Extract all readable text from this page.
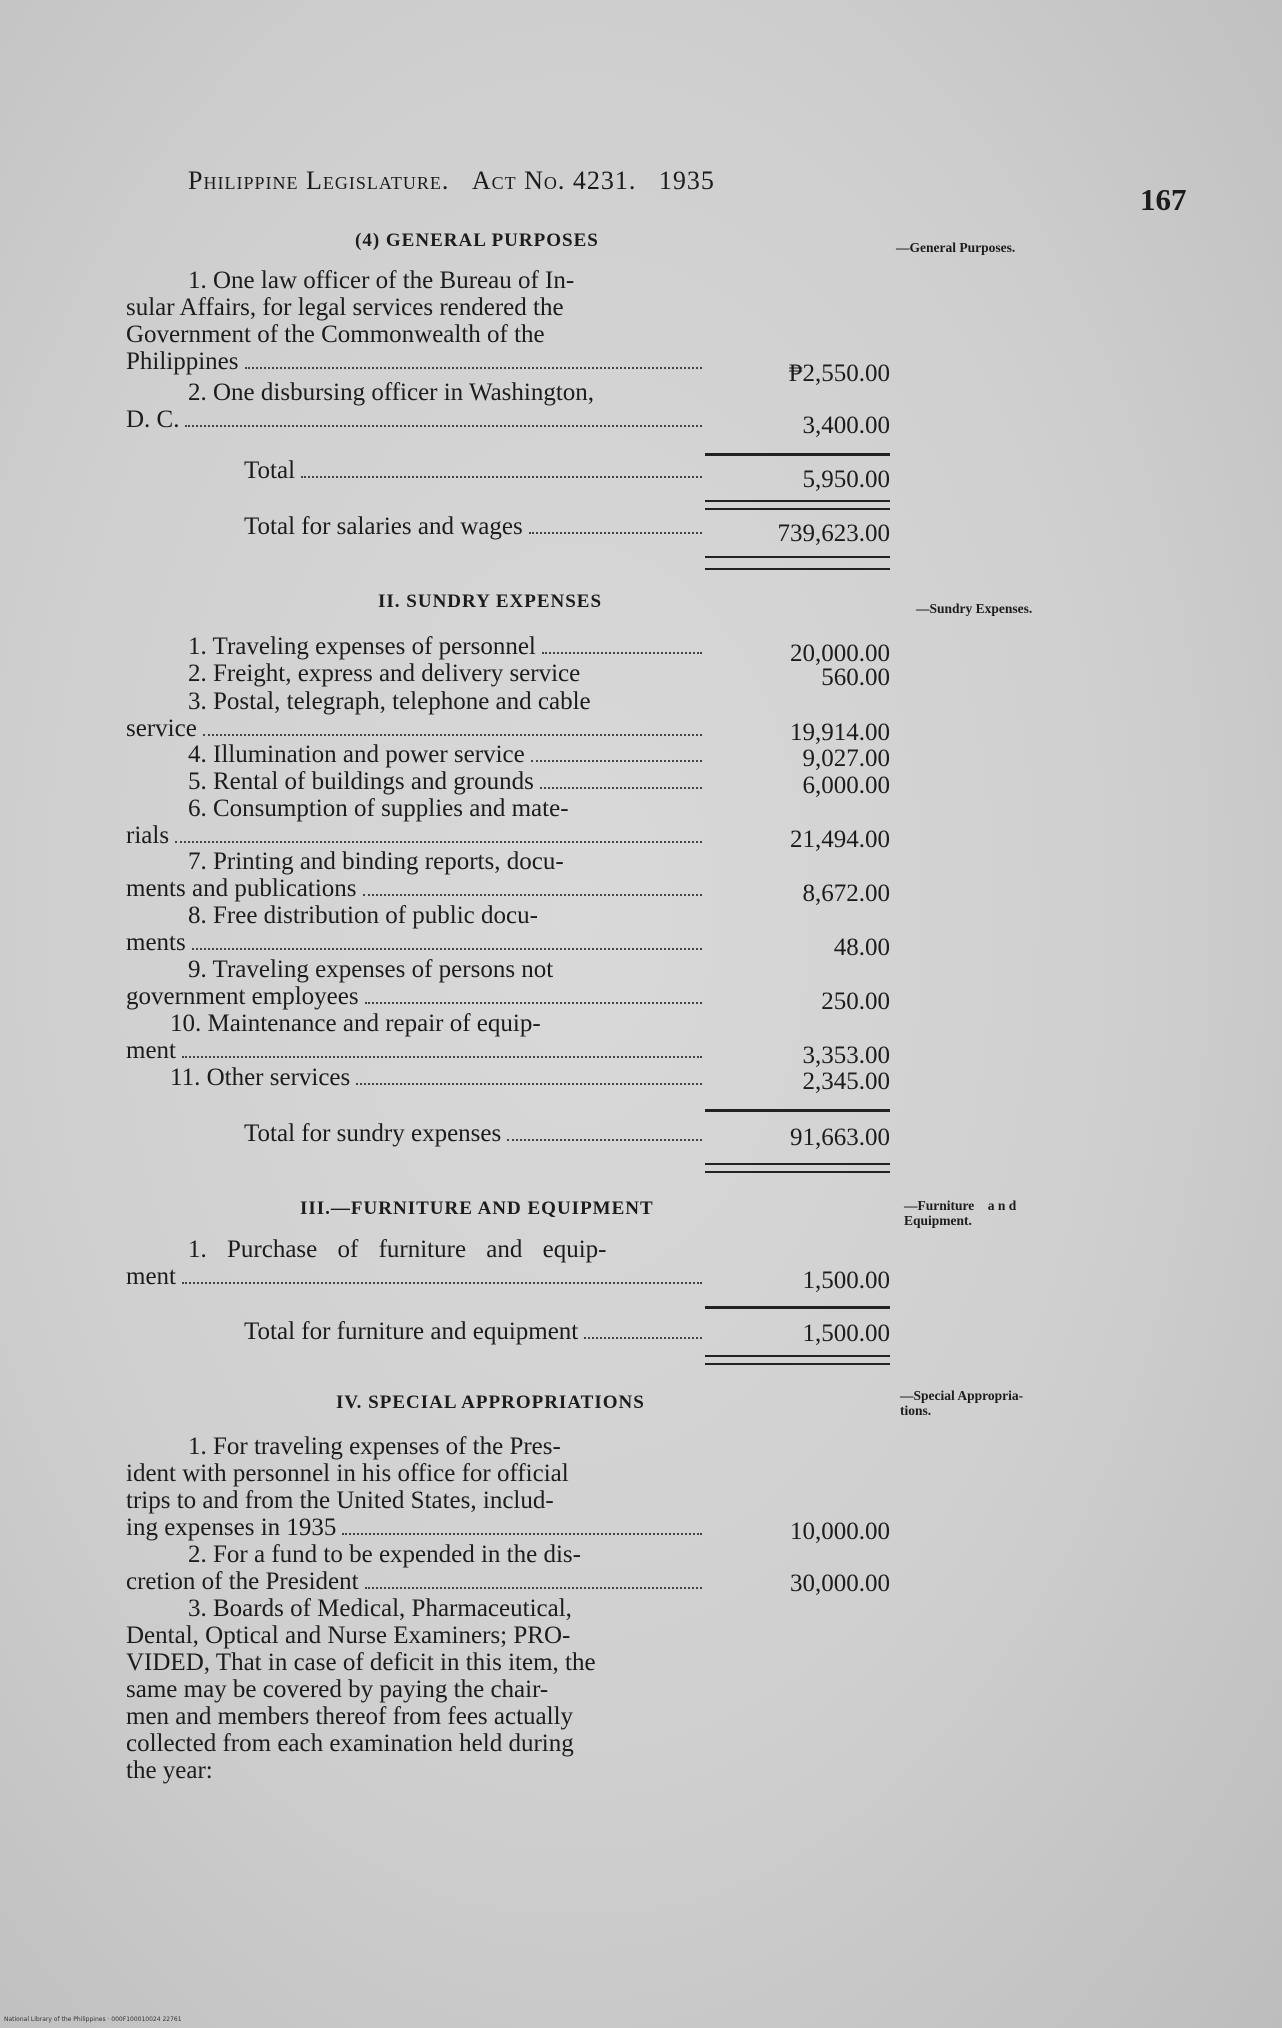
Philippine Legislature. Act No. 4231. 1935
167
(4) GENERAL PURPOSES	—General Purposes.
1. One law officer of the Bureau of In-
sular Affairs, for legal services rendered the
Government of the Commonwealth of the
Philippines	₱2,550.00
2. One disbursing officer in Washington,
D. C.	3,400.00
Total	5,950.00
Total for salaries and wages	739,623.00
II. SUNDRY EXPENSES	—Sundry Expenses.
1. Traveling expenses of personnel	20,000.00
2. Freight, express and delivery service	560.00
3. Postal, telegraph, telephone and cable
service	19,914.00
4. Illumination and power service	9,027.00
5. Rental of buildings and grounds	6,000.00
6. Consumption of supplies and mate-
rials	21,494.00
7. Printing and binding reports, docu-
ments and publications	8,672.00
8. Free distribution of public docu-
ments	48.00
9. Traveling expenses of persons not
government employees	250.00
10. Maintenance and repair of equip-
ment	3,353.00
11. Other services	2,345.00
Total for sundry expenses	91,663.00
III.—FURNITURE AND EQUIPMENT	—Furniture    a n d
Equipment.
1. Purchase of furniture and equip-
ment	1,500.00
Total for furniture and equipment	1,500.00
IV. SPECIAL APPROPRIATIONS	—Special Appropria-
tions.
1. For traveling expenses of the Pres-
ident with personnel in his office for official
trips to and from the United States, includ-
ing expenses in 1935	10,000.00
2. For a fund to be expended in the dis-
cretion of the President	30,000.00
3. Boards of Medical, Pharmaceutical,
Dental, Optical and Nurse Examiners; PRO-
VIDED, That in case of deficit in this item, the
same may be covered by paying the chair-
men and members thereof from fees actually
collected from each examination held during
the year:
National Library of the Philippines · 000F100010024 22761
